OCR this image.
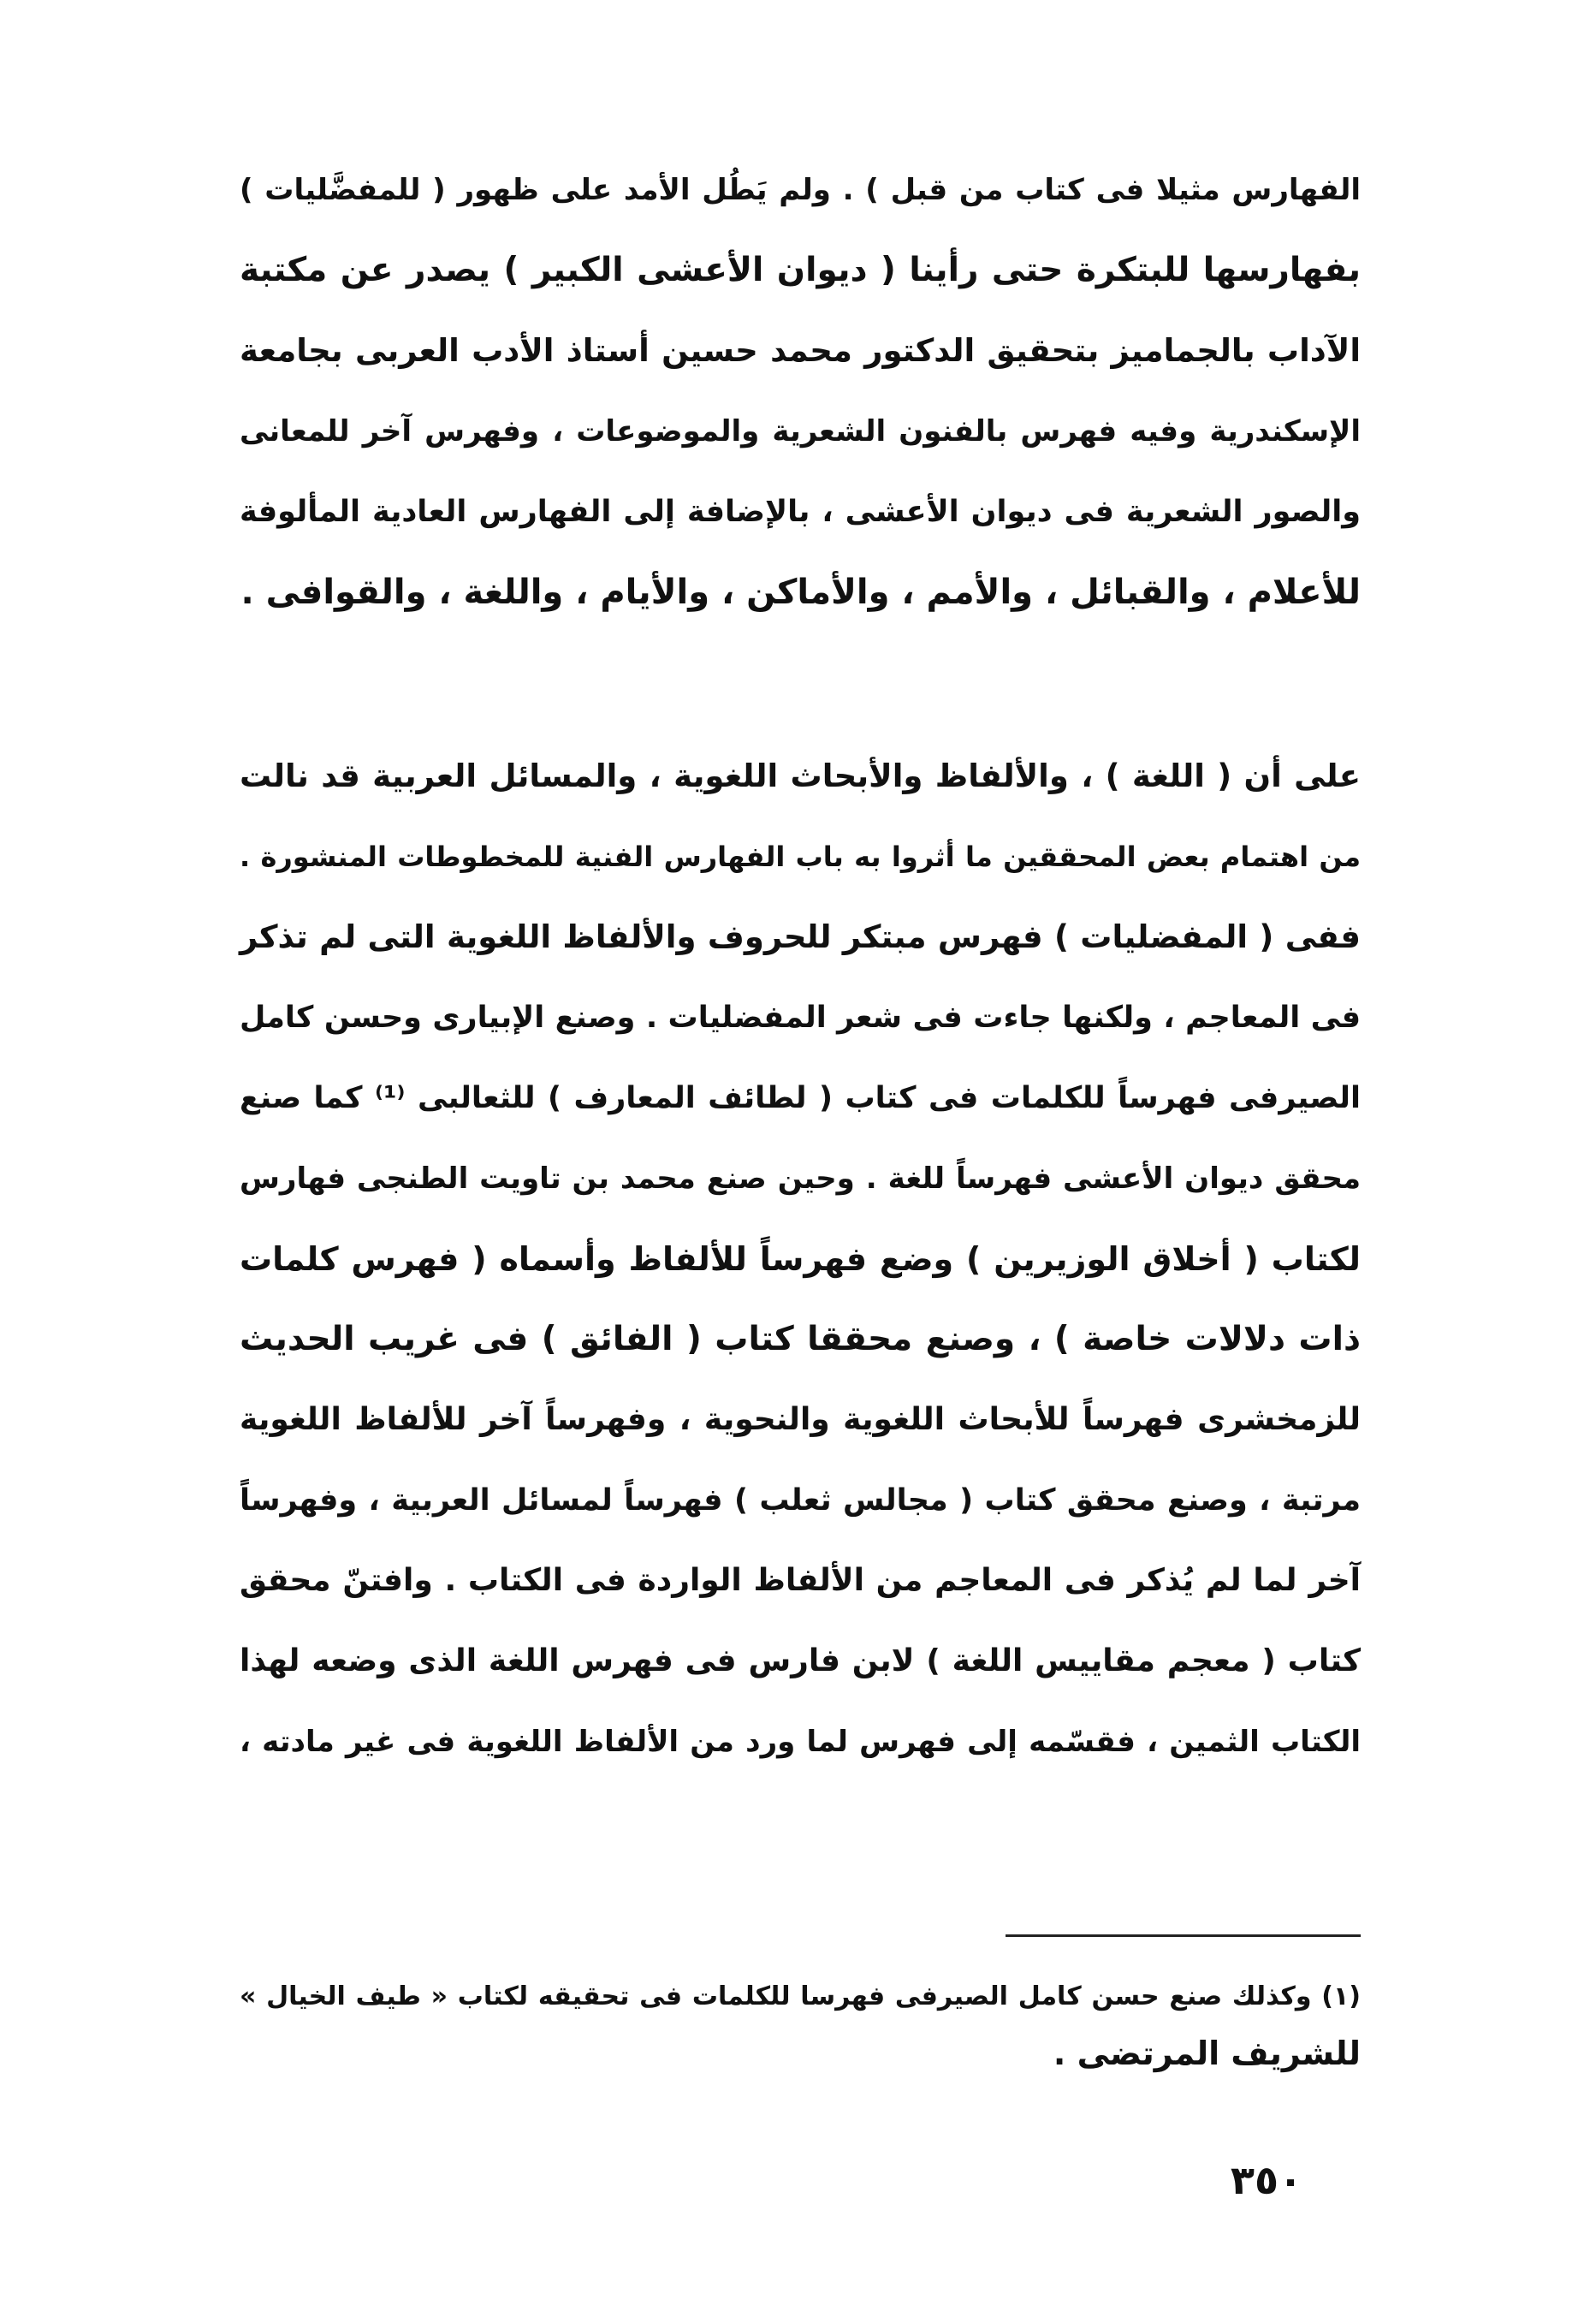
الفهارس مثيلا فى كتاب من قبل ) . ولم يَطُل الأمد على ظهور ( للمفضَّليات )
بفهارسها للبتكرة حتى رأينا ( ديوان الأعشى الكبير ) يصدر عن مكتبة
الآداب بالجماميز بتحقيق الدكتور محمد حسين أستاذ الأدب العربى بجامعة
الإسكندرية وفيه فهرس بالفنون الشعرية والموضوعات ، وفهرس آخر للمعانى
والصور الشعرية فى ديوان الأعشى ، بالإضافة إلى الفهارس العادية المألوفة
للأعلام ، والقبائل ، والأمم ، والأماكن ، والأيام ، واللغة ، والقوافى .
على أن ( اللغة ) ، والألفاظ والأبحاث اللغوية ، والمسائل العربية قد نالت
من اهتمام بعض المحققين ما أثروا به باب الفهارس الفنية للمخطوطات المنشورة .
ففى ( المفضليات ) فهرس مبتكر للحروف والألفاظ اللغوية التى لم تذكر
فى المعاجم ، ولكنها جاءت فى شعر المفضليات . وصنع الإبيارى وحسن كامل
الصيرفى فهرساً للكلمات فى كتاب ( لطائف المعارف ) للثعالبى ⁽¹⁾ كما صنع
محقق ديوان الأعشى فهرساً للغة . وحين صنع محمد بن تاويت الطنجى فهارس
لكتاب ( أخلاق الوزيرين ) وضع فهرساً للألفاظ وأسماه ( فهرس كلمات
ذات دلالات خاصة ) ، وصنع محققا كتاب ( الفائق ) فى غريب الحديث
للزمخشرى فهرساً للأبحاث اللغوية والنحوية ، وفهرساً آخر للألفاظ اللغوية
مرتبة ، وصنع محقق كتاب ( مجالس ثعلب ) فهرساً لمسائل العربية ، وفهرساً
آخر لما لم يُذكر فى المعاجم من الألفاظ الواردة فى الكتاب . وافتنّ محقق
كتاب ( معجم مقاييس اللغة ) لابن فارس فى فهرس اللغة الذى وضعه لهذا
الكتاب الثمين ، فقسّمه إلى فهرس لما ورد من الألفاظ اللغوية فى غير مادته ،
(١) وكذلك صنع حسن كامل الصيرفى فهرسا للكلمات فى تحقيقه لكتاب « طيف الخيال »
للشريف المرتضى .
٣٥٠
